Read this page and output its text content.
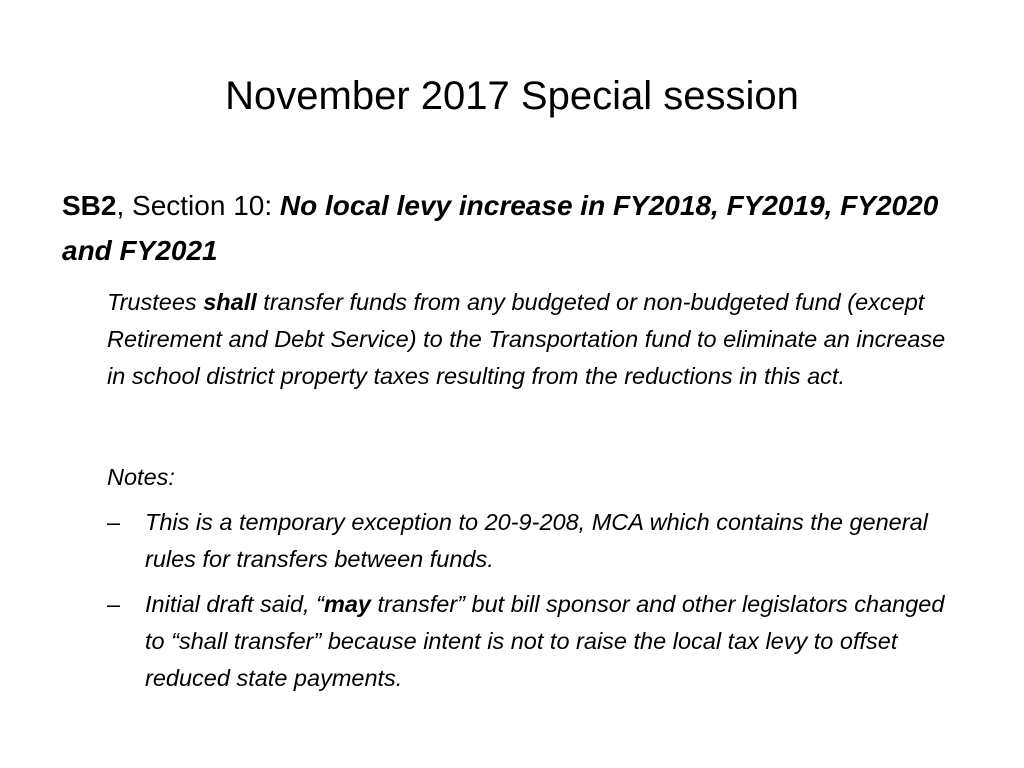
November 2017 Special session
SB2, Section 10: No local levy increase in FY2018, FY2019, FY2020 and FY2021
Trustees shall transfer funds from any budgeted or non-budgeted fund (except Retirement and Debt Service) to the Transportation fund to eliminate an increase in school district property taxes resulting from the reductions in this act.
Notes:
–	This is a temporary exception to 20-9-208, MCA which contains the general rules for transfers between funds.
–	Initial draft said, “may transfer” but bill sponsor and other legislators changed to “shall transfer” because intent is not to raise the local tax levy to offset reduced state payments.
